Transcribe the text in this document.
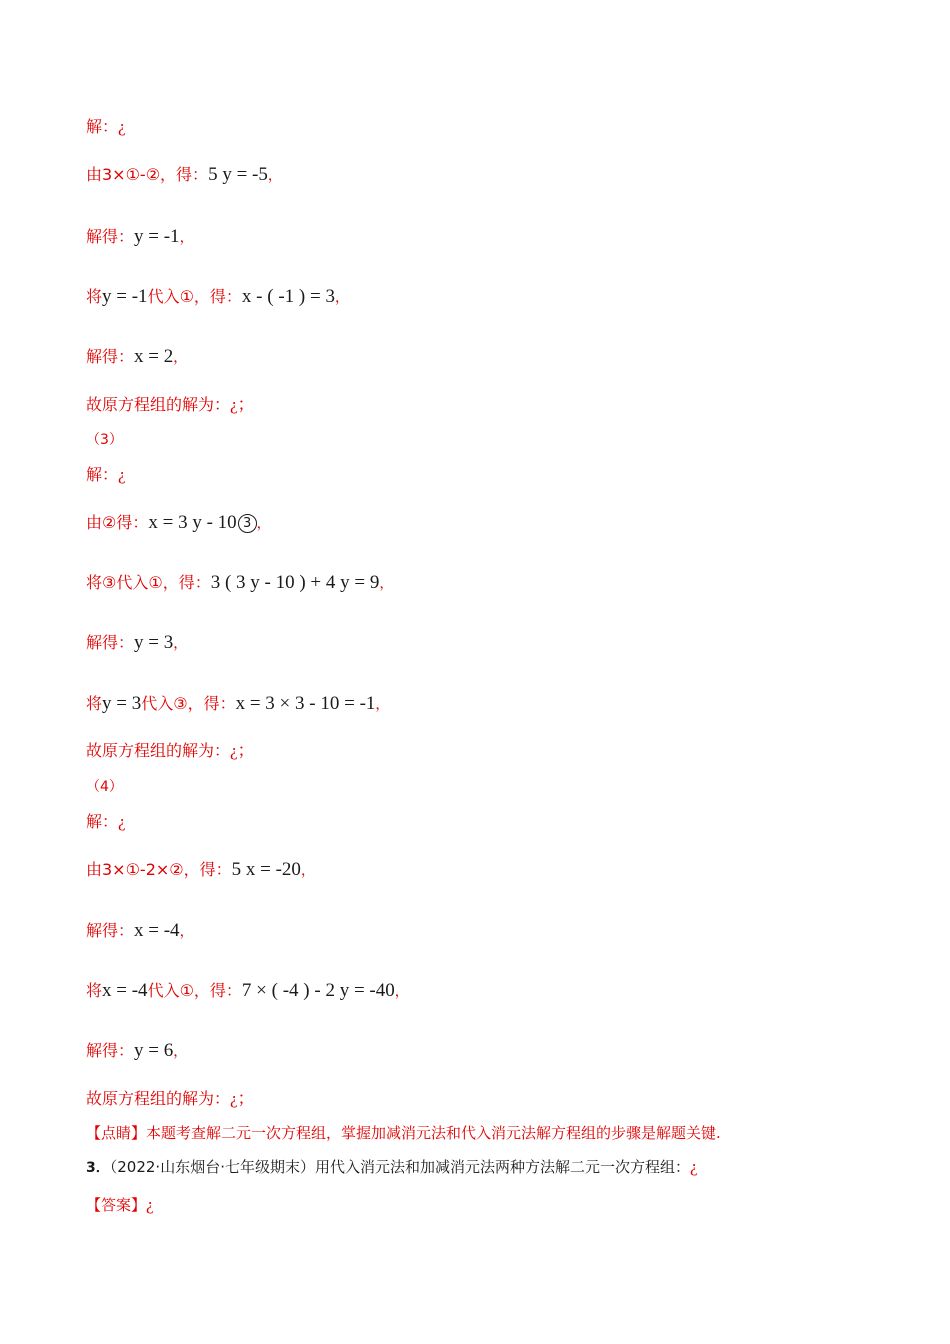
解：¿
由3×①-②，得：5 y = -5，
解得：y = -1，
将y = -1代入①，得：x - ( -1 ) = 3，
解得：x = 2，
故原方程组的解为：¿；
（3）
解：¿
由②得：x = 3 y - 10 3 ，
将③代入①，得：3 ( 3 y - 10 ) + 4 y = 9，
解得：y = 3，
将y = 3代入③，得：x = 3 × 3 - 10 = -1，
故原方程组的解为：¿；
（4）
解：¿
由3×①-2×②，得：5 x = -20，
解得：x = -4，
将x = -4代入①，得：7 × ( -4 ) - 2 y = -40，
解得：y = 6，
故原方程组的解为：¿；
【点睛】本题考查解二元一次方程组，掌握加减消元法和代入消元法解方程组的步骤是解题关键.
3．（2022·山东烟台·七年级期末）用代入消元法和加减消元法两种方法解二元一次方程组：¿
【答案】¿
